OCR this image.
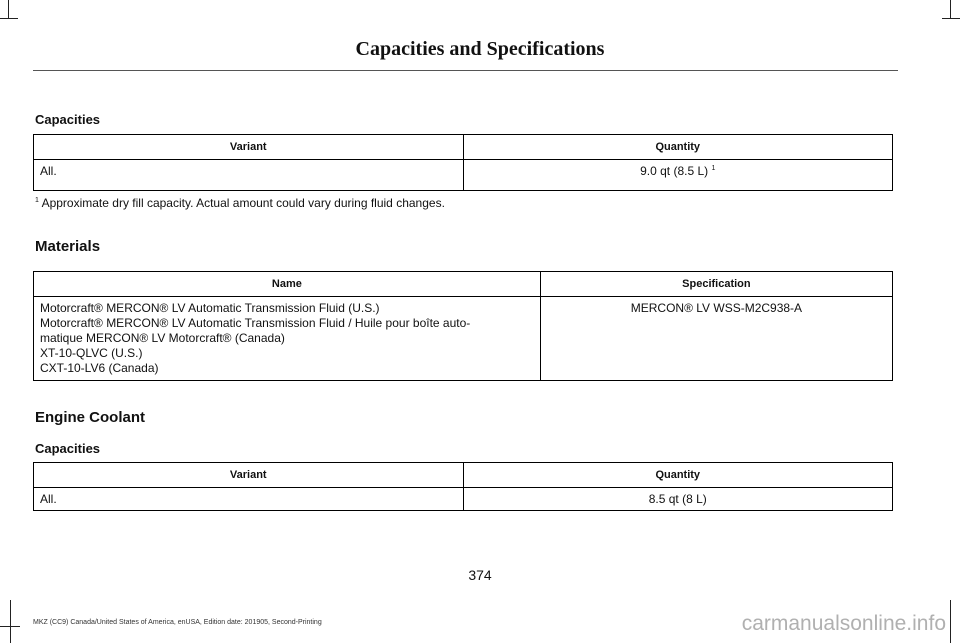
Capacities and Specifications
Capacities
Variant	Quantity
All.	9.0 qt (8.5 L) $^1$
$^1$ Approximate dry fill capacity. Actual amount could vary during fluid changes.
Materials
Name	Specification

Motorcraft® MERCON® LV Automatic Transmission Fluid (U.S.)
Motorcraft® MERCON® LV Automatic Transmission Fluid / Huile pour boîte auto-
matique MERCON® LV Motorcraft® (Canada)
XT-10-QLVC (U.S.)
CXT-10-LV6 (Canada)	MERCON® LV WSS-M2C938-A
Engine Coolant
Capacities
Variant	Quantity
All.	8.5 qt (8 L)
374
MKZ (CC9) Canada/United States of America, enUSA, Edition date: 201905, Second-Printing	carmanualsonline.info
